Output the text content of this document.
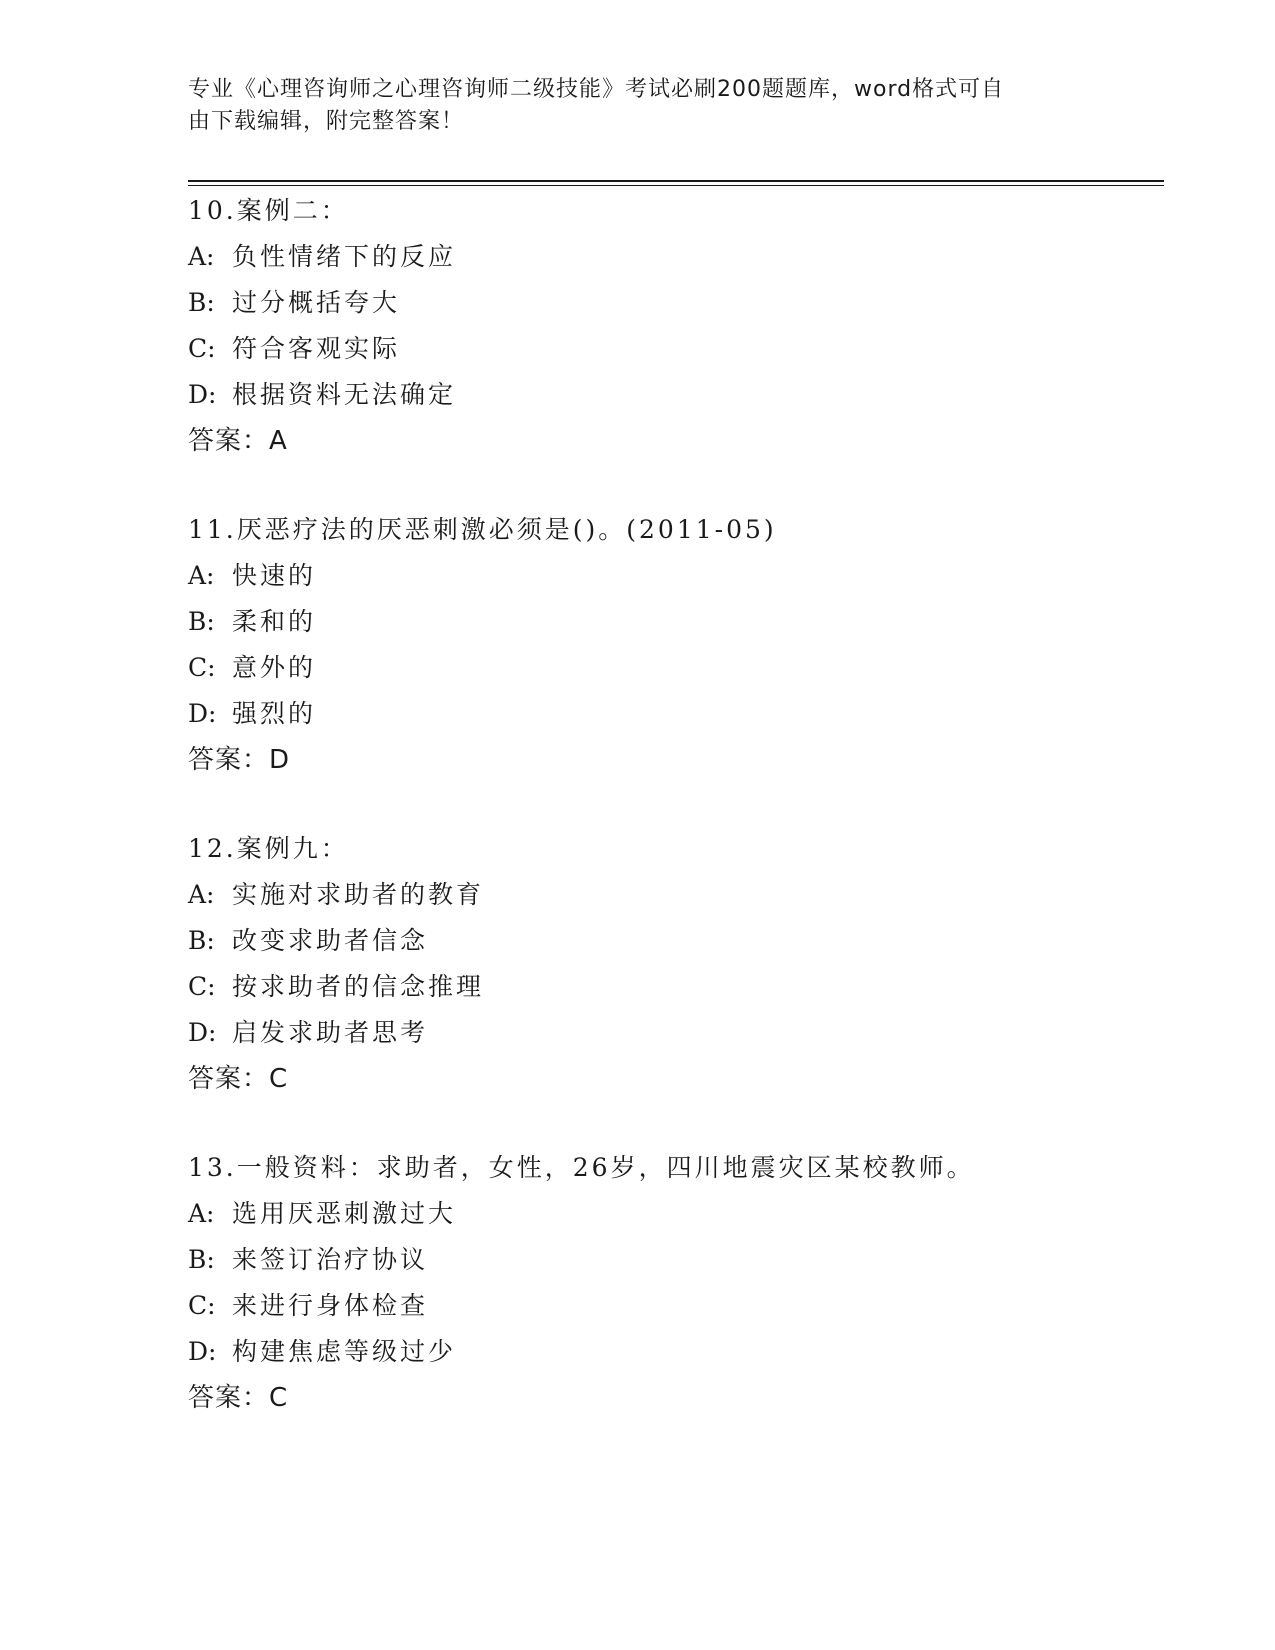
专业《心理咨询师之心理咨询师二级技能》考试必刷200题题库，word格式可自
由下载编辑，附完整答案！
10.案例二：
A: 负性情绪下的反应
B: 过分概括夸大
C: 符合客观实际
D: 根据资料无法确定
答案：A
11.厌恶疗法的厌恶刺激必须是()。(2011-05)
A: 快速的
B: 柔和的
C: 意外的
D: 强烈的
答案：D
12.案例九：
A: 实施对求助者的教育
B: 改变求助者信念
C: 按求助者的信念推理
D: 启发求助者思考
答案：C
13.一般资料：求助者，女性，26岁，四川地震灾区某校教师。
A: 选用厌恶刺激过大
B: 来签订治疗协议
C: 来进行身体检查
D: 构建焦虑等级过少
答案：C
